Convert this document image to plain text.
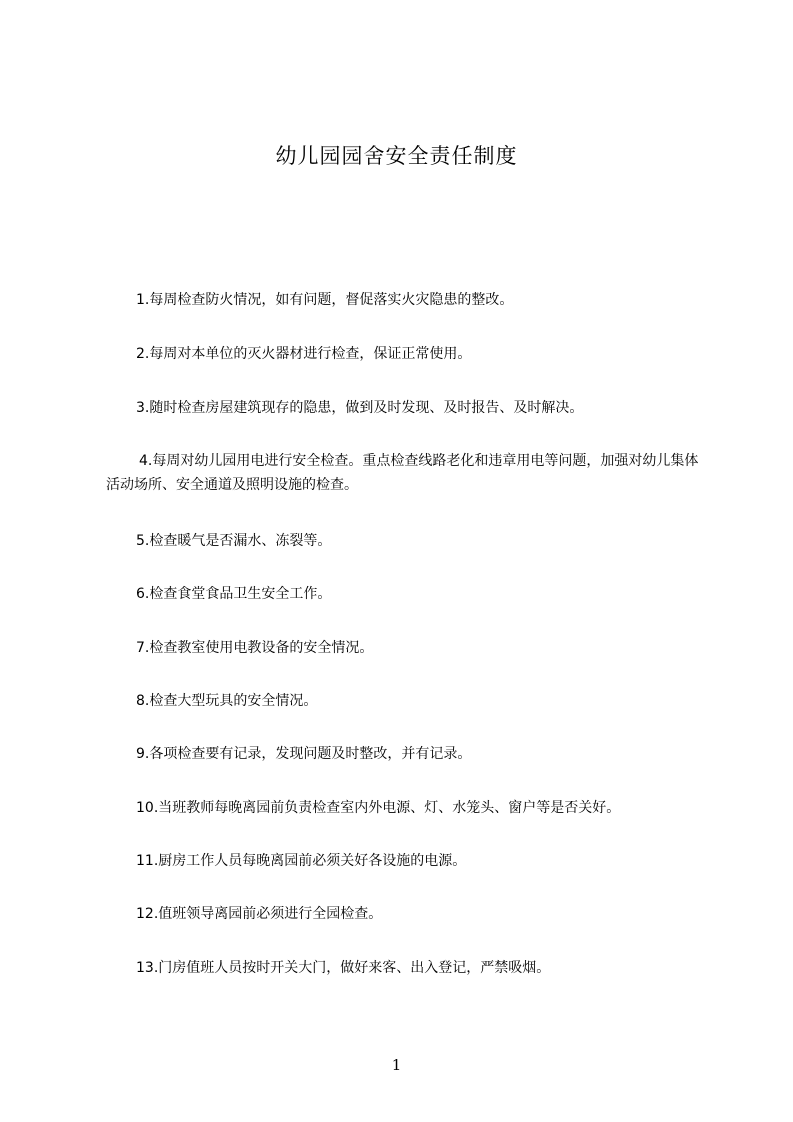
幼儿园园舍安全责任制度
1.每周检查防火情况，如有问题，督促落实火灾隐患的整改。
2.每周对本单位的灭火器材进行检查，保证正常使用。
3.随时检查房屋建筑现存的隐患，做到及时发现、及时报告、及时解决。
4.每周对幼儿园用电进行安全检查。重点检查线路老化和违章用电等问题，加强对幼儿集体活动场所、安全通道及照明设施的检查。
5.检查暖气是否漏水、冻裂等。
6.检查食堂食品卫生安全工作。
7.检查教室使用电教设备的安全情况。
8.检查大型玩具的安全情况。
9.各项检查要有记录，发现问题及时整改，并有记录。
10.当班教师每晚离园前负责检查室内外电源、灯、水笼头、窗户等是否关好。
11.厨房工作人员每晚离园前必须关好各设施的电源。
12.值班领导离园前必须进行全园检查。
13.门房值班人员按时开关大门，做好来客、出入登记，严禁吸烟。
1
